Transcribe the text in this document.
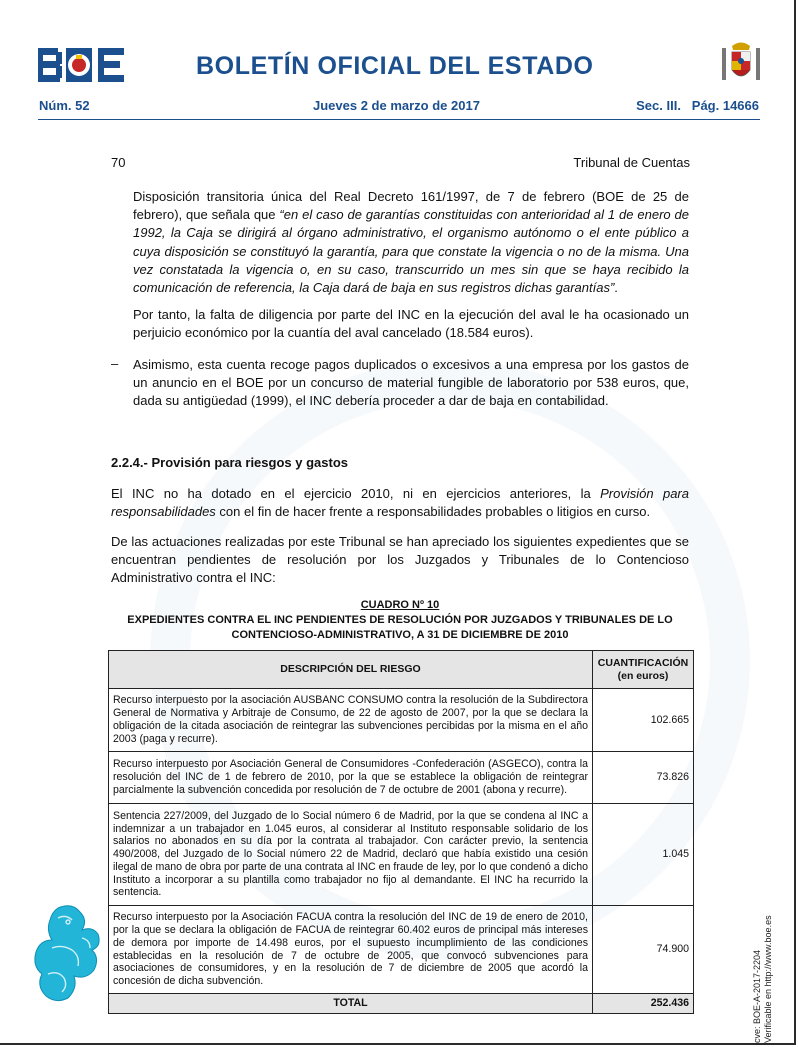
BOLETÍN OFICIAL DEL ESTADO
Núm. 52	Jueves 2 de marzo de 2017	Sec. III.   Pág. 14666
70	Tribunal de Cuentas

Disposición transitoria única del Real Decreto 161/1997, de 7 de febrero (BOE de 25 de febrero), que señala que “en el caso de garantías constituidas con anterioridad al 1 de enero de 1992, la Caja se dirigirá al órgano administrativo, el organismo autónomo o el ente público a cuya disposición se constituyó la garantía, para que constate la vigencia o no de la misma. Una vez constatada la vigencia o, en su caso, transcurrido un mes sin que se haya recibido la comunicación de referencia, la Caja dará de baja en sus registros dichas garantías”.

Por tanto, la falta de diligencia por parte del INC en la ejecución del aval le ha ocasionado un perjuicio económico por la cuantía del aval cancelado (18.584 euros).

– Asimismo, esta cuenta recoge pagos duplicados o excesivos a una empresa por los gastos de un anuncio en el BOE por un concurso de material fungible de laboratorio por 538 euros, que, dada su antigüedad (1999), el INC debería proceder a dar de baja en contabilidad.

2.2.4.- Provisión para riesgos y gastos

El INC no ha dotado en el ejercicio 2010, ni en ejercicios anteriores, la Provisión para responsabilidades con el fin de hacer frente a responsabilidades probables o litigios en curso.

De las actuaciones realizadas por este Tribunal se han apreciado los siguientes expedientes que se encuentran pendientes de resolución por los Juzgados y Tribunales de lo Contencioso Administrativo contra el INC:

CUADRO Nº 10
EXPEDIENTES CONTRA EL INC PENDIENTES DE RESOLUCIÓN POR JUZGADOS Y TRIBUNALES DE LO CONTENCIOSO-ADMINISTRATIVO, A 31 DE DICIEMBRE DE 2010
DESCRIPCIÓN DEL RIESGO	CUANTIFICACIÓN
(en euros)

Recurso interpuesto por la asociación AUSBANC CONSUMO contra la resolución de la Subdirectora General de Normativa y Arbitraje de Consumo, de 22 de agosto de 2007, por la que se declara la obligación de la citada asociación de reintegrar las subvenciones percibidas por la misma en el año 2003 (paga y recurre).	102.665
Recurso interpuesto por Asociación General de Consumidores -Confederación (ASGECO), contra la resolución del INC de 1 de febrero de 2010, por la que se establece la obligación de reintegrar parcialmente la subvención concedida por resolución de 7 de octubre de 2001 (abona y recurre).	73.826
Sentencia 227/2009, del Juzgado de lo Social número 6 de Madrid, por la que se condena al INC a indemnizar a un trabajador en 1.045 euros, al considerar al Instituto responsable solidario de los salarios no abonados en su día por la contrata al trabajador. Con carácter previo, la sentencia 490/2008, del Juzgado de lo Social número 22 de Madrid, declaró que había existido una cesión ilegal de mano de obra por parte de una contrata al INC en fraude de ley, por lo que condenó a dicho Instituto a incorporar a su plantilla como trabajador no fijo al demandante. El INC ha recurrido la sentencia.	1.045
Recurso interpuesto por la Asociación FACUA contra la resolución del INC de 19 de enero de 2010, por la que se declara la obligación de FACUA de reintegrar 60.402 euros de principal más intereses de demora por importe de 14.498 euros, por el supuesto incumplimiento de las condiciones establecidas en la resolución de 7 de octubre de 2005, que convocó subvenciones para asociaciones de consumidores, y en la resolución de 7 de diciembre de 2005 que acordó la concesión de dicha subvención.	74.900
TOTAL	252.436	cve: BOE-A-2017-2204 Verificable en http://www.boe.es
